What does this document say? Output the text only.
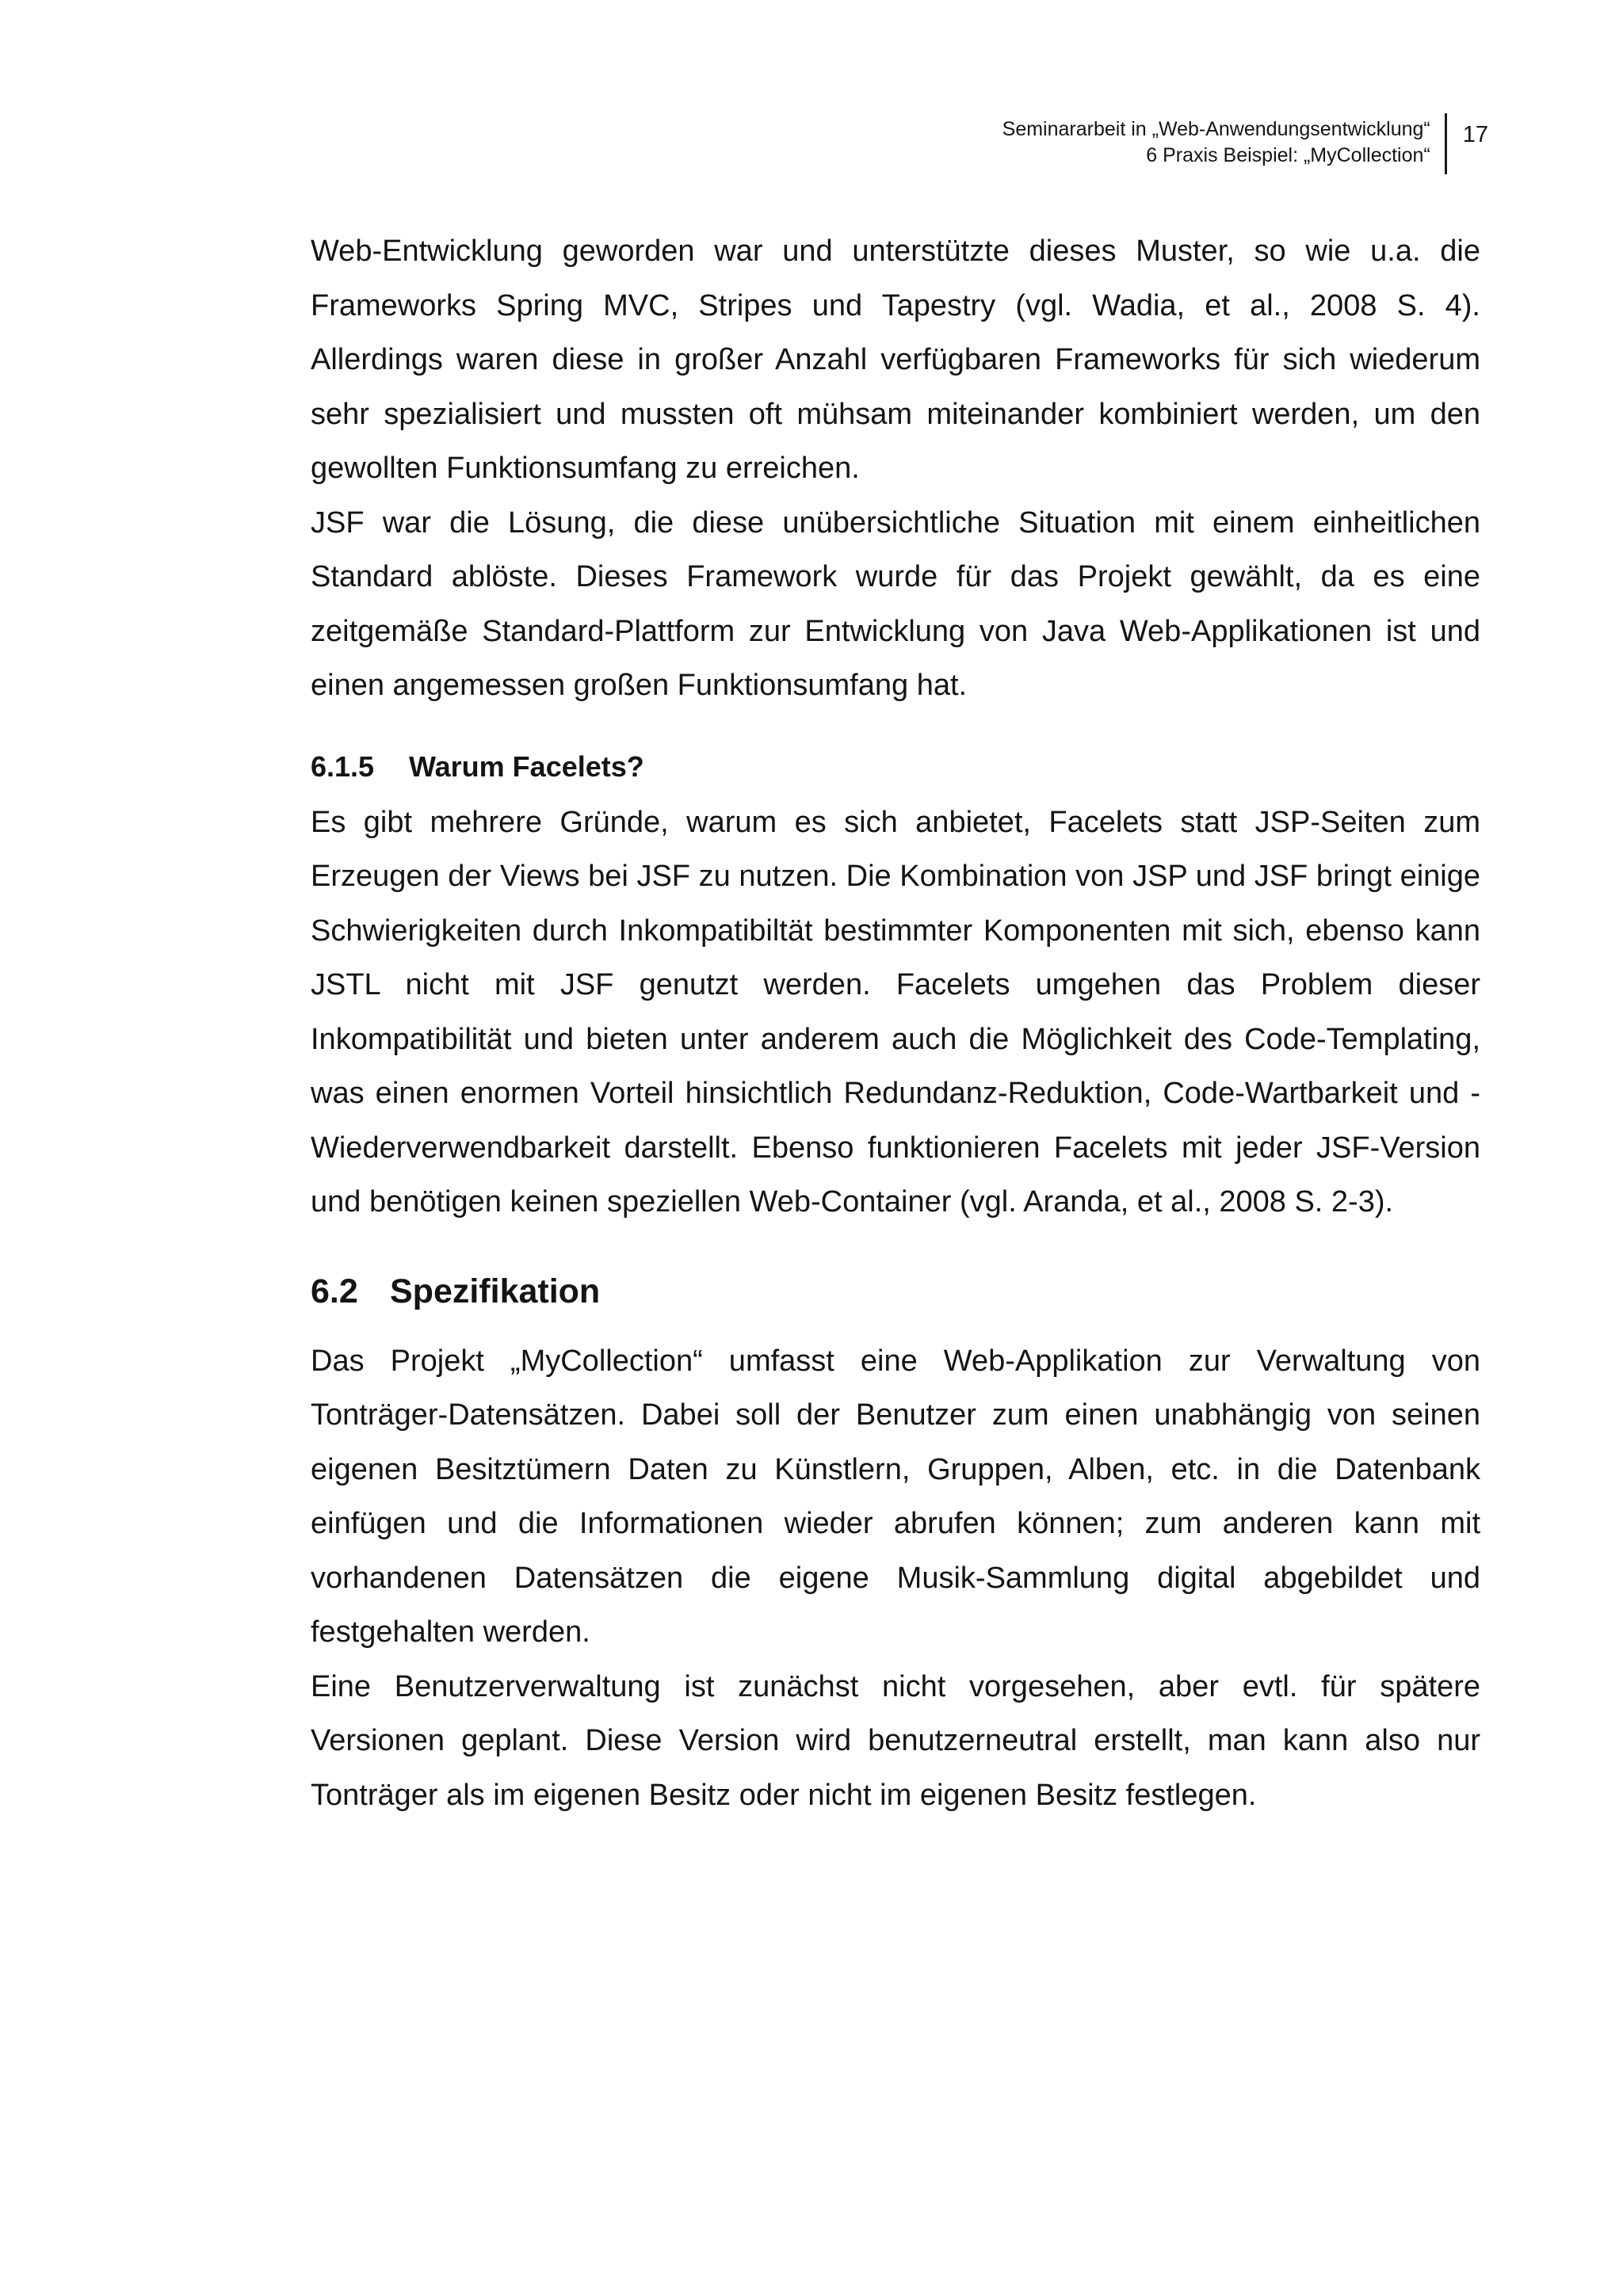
Seminararbeit in „Web-Anwendungsentwicklung“
6 Praxis Beispiel: „MyCollection“
17

Web-Entwicklung geworden war und unterstützte dieses Muster, so wie u.a. die Frameworks Spring MVC, Stripes und Tapestry (vgl. Wadia, et al., 2008 S. 4). Allerdings waren diese in großer Anzahl verfügbaren Frameworks für sich wiederum sehr spezialisiert und mussten oft mühsam miteinander kombiniert werden, um den gewollten Funktionsumfang zu erreichen.

JSF war die Lösung, die diese unübersichtliche Situation mit einem einheitlichen Standard ablöste. Dieses Framework wurde für das Projekt gewählt, da es eine zeitgemäße Standard-Plattform zur Entwicklung von Java Web-Applikationen ist und einen angemessen großen Funktionsumfang hat.

6.1.5 Warum Facelets?

Es gibt mehrere Gründe, warum es sich anbietet, Facelets statt JSP-Seiten zum Erzeugen der Views bei JSF zu nutzen. Die Kombination von JSP und JSF bringt einige Schwierigkeiten durch Inkompatibiltät bestimmter Komponenten mit sich, ebenso kann JSTL nicht mit JSF genutzt werden. Facelets umgehen das Problem dieser Inkompatibilität und bieten unter anderem auch die Möglichkeit des Code-Templating, was einen enormen Vorteil hinsichtlich Redundanz-Reduktion, Code-Wartbarkeit und -Wiederverwendbarkeit darstellt. Ebenso funktionieren Facelets mit jeder JSF-Version und benötigen keinen speziellen Web-Container (vgl. Aranda, et al., 2008 S. 2-3).

6.2 Spezifikation

Das Projekt „MyCollection“ umfasst eine Web-Applikation zur Verwaltung von Tonträger-Datensätzen. Dabei soll der Benutzer zum einen unabhängig von seinen eigenen Besitztümern Daten zu Künstlern, Gruppen, Alben, etc. in die Datenbank einfügen und die Informationen wieder abrufen können; zum anderen kann mit vorhandenen Datensätzen die eigene Musik-Sammlung digital abgebildet und festgehalten werden.

Eine Benutzerverwaltung ist zunächst nicht vorgesehen, aber evtl. für spätere Versionen geplant. Diese Version wird benutzerneutral erstellt, man kann also nur Tonträger als im eigenen Besitz oder nicht im eigenen Besitz festlegen.
